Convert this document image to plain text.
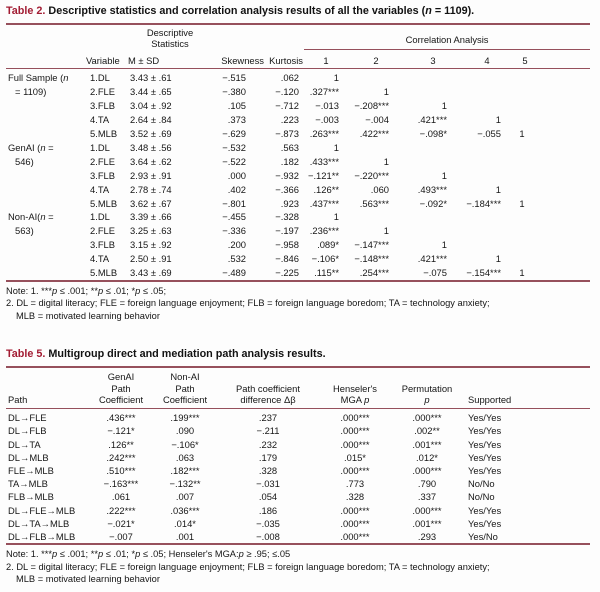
Table 2. Descriptive statistics and correlation analysis results of all the variables (n = 1109).
		Descriptive
Statistics			Correlation Analysis					
	Variable	M ± SD	Skewness	Kurtosis	1	2	3	4	5	
Full Sample (n	1.DL	3.43 ± .61	−.515	.062	1					
= 1109)	2.FLE	3.44 ± .65	−.380	−.120	.327***	1				
	3.FLB	3.04 ± .92	.105	−.712	−.013	−.208***	1			
	4.TA	2.64 ± .84	.373	.223	−.003	−.004	.421***	1		
	5.MLB	3.52 ± .69	−.629	−.873	.263***	.422***	−.098*	−.055	1	
GenAI (n =	1.DL	3.48 ± .56	−.532	.563	1					
546)	2.FLE	3.64 ± .62	−.522	.182	.433***	1				
	3.FLB	2.93 ± .91	.000	−.932	−.121**	−.220***	1			
	4.TA	2.78 ± .74	.402	−.366	.126**	.060	.493***	1		
	5.MLB	3.62 ± .67	−.801	.923	.437***	.563***	−.092*	−.184***	1	
Non-AI(n =	1.DL	3.39 ± .66	−.455	−.328	1					
563)	2.FLE	3.25 ± .63	−.336	−.197	.236***	1				
	3.FLB	3.15 ± .92	.200	−.958	.089*	−.147***	1			
	4.TA	2.50 ± .91	.532	−.846	−.106*	−.148***	.421***	1		
	5.MLB	3.43 ± .69	−.489	−.225	.115**	.254***	−.075	−.154***	1	
Note: 1. ***p ≤ .001; **p ≤ .01; *p ≤ .05;
2. DL = digital literacy; FLE = foreign language enjoyment; FLB = foreign language boredom; TA = technology anxiety;
MLB = motivated learning behavior
Table 5. Multigroup direct and mediation path analysis results.
Path	GenAI
Path
Coefficient	Non-AI
Path
Coefficient	Path coefficient
difference Δβ	Henseler's
MGA p	Permutation
p	Supported	
DL→FLE	.436***	.199***	.237	.000***	.000***	Yes/Yes	
DL→FLB	−.121*	.090	−.211	.000***	.002**	Yes/Yes	
DL→TA	.126**	−.106*	.232	.000***	.001***	Yes/Yes	
DL→MLB	.242***	.063	.179	.015*	.012*	Yes/Yes	
FLE→MLB	.510***	.182***	.328	.000***	.000***	Yes/Yes	
TA→MLB	−.163***	−.132**	−.031	.773	.790	No/No	
FLB→MLB	.061	.007	.054	.328	.337	No/No	
DL→FLE→MLB	.222***	.036***	.186	.000***	.000***	Yes/Yes	
DL→TA→MLB	−.021*	.014*	−.035	.000***	.001***	Yes/Yes	
DL→FLB→MLB	−.007	.001	−.008	.000***	.293	Yes/No	
Note: 1. ***p ≤ .001; **p ≤ .01; *p ≤ .05; Henseler's MGA:p ≥ .95; ≤.05
2. DL = digital literacy; FLE = foreign language enjoyment; FLB = foreign language boredom; TA = technology anxiety;
MLB = motivated learning behavior
